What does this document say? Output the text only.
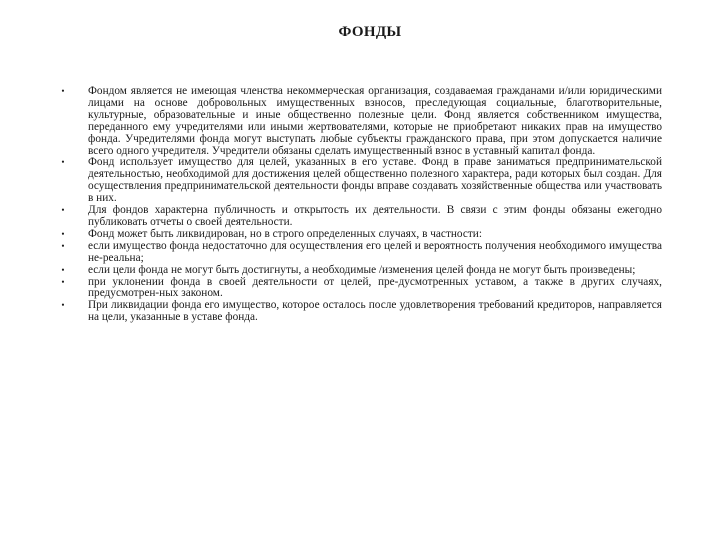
ФОНДЫ
•	Фондом является не имеющая членства некоммерческая организация, создаваемая гражданами и/или юридическими лицами на основе добровольных имущественных взносов, преследующая социальные, благотворительные, культурные, образовательные и иные общественно полезные цели. Фонд является собственником имущества, переданного ему учредителями или иными жертвователями, которые не приобретают никаких прав на имущество фонда. Учредителями фонда могут выступать любые субъекты гражданского права, при этом допускается наличие всего одного учредителя. Учредители обязаны сделать имущественный взнос в уставный капитал фонда.
•	Фонд использует имущество для целей, указанных в его уставе. Фонд в праве заниматься предпринимательской деятельностью, необходимой для достижения целей общественно полезного характера, ради которых был создан. Для осуществления предпринимательской деятельности фонды вправе создавать хозяйственные общества или участвовать в них.
•	Для фондов характерна публичность и открытость их деятельности. В связи с этим фонды обязаны ежегодно публиковать отчеты о своей деятельности.
•	Фонд может быть ликвидирован, но в строго определенных случаях, в частности:
•	если имущество фонда недостаточно для осуществления его целей и вероятность получения необходимого имущества не-реальна;
•	если цели фонда не могут быть достигнуты, а необходимые /изменения целей фонда не могут быть произведены;
•	при уклонении фонда в своей деятельности от целей, пре-дусмотренных уставом, а также в других случаях, предусмотрен-ных законом.
•	При ликвидации фонда его имущество, которое осталось после удовлетворения требований кредиторов, направляется на цели, указанные в уставе фонда.
